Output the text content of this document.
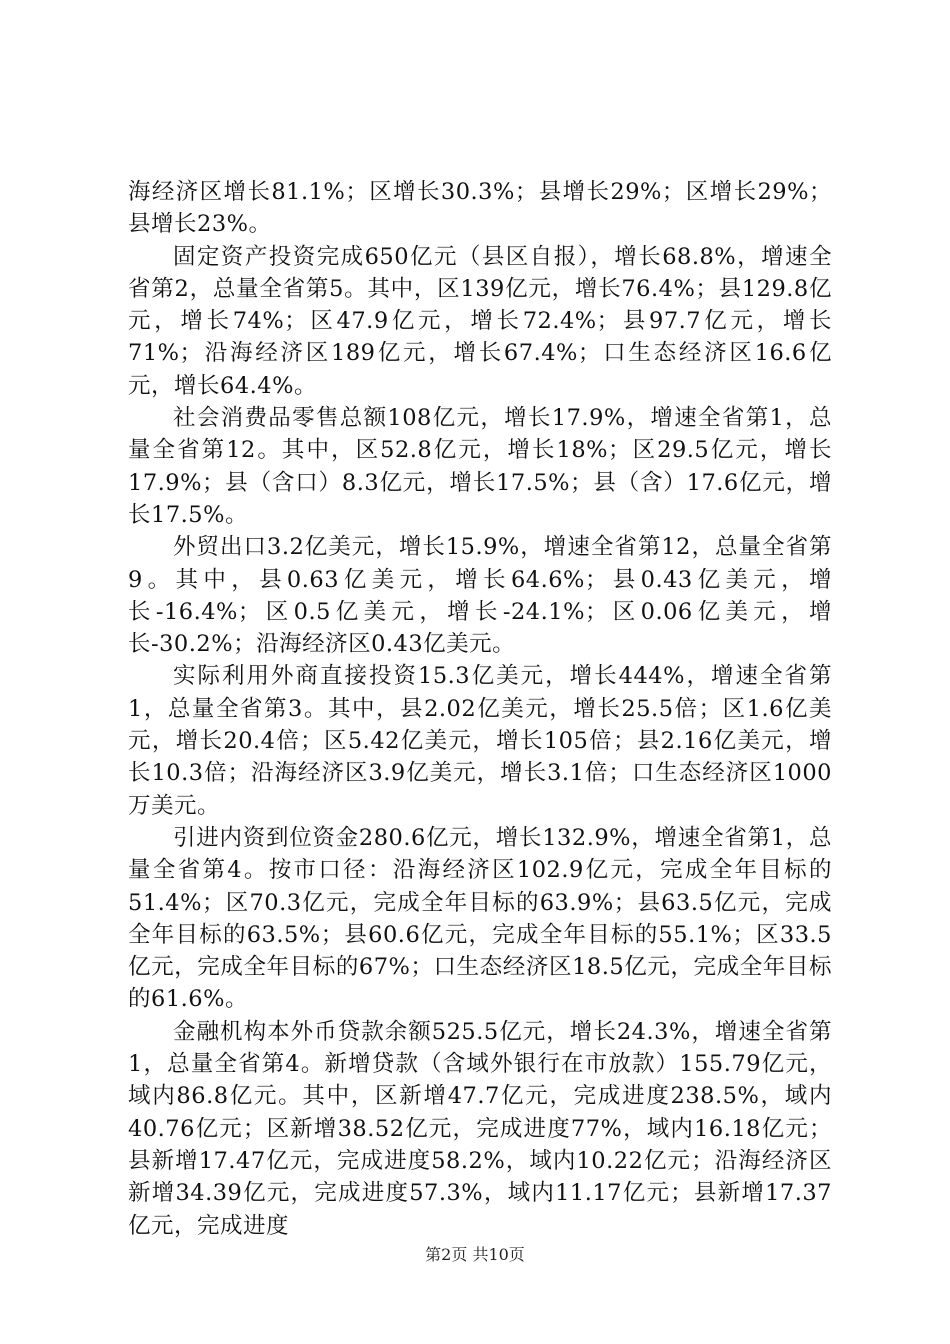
海经济区增长81.1%；区增长30.3%；县增长29%；区增长29%；县增长23%。

固定资产投资完成650亿元（县区自报），增长68.8%，增速全省第2，总量全省第5。其中，区139亿元，增长76.4%；县129.8亿元，增长74%；区47.9亿元，增长72.4%；县97.7亿元，增长71%；沿海经济区189亿元，增长67.4%；口生态经济区16.6亿元，增长64.4%。

社会消费品零售总额108亿元，增长17.9%，增速全省第1，总量全省第12。其中，区52.8亿元，增长18%；区29.5亿元，增长17.9%；县（含口）8.3亿元，增长17.5%；县（含）17.6亿元，增长17.5%。

外贸出口3.2亿美元，增长15.9%，增速全省第12，总量全省第9。其中，县0.63亿美元，增长64.6%；县0.43亿美元，增长-16.4%；区0.5亿美元，增长-24.1%；区0.06亿美元，增长-30.2%；沿海经济区0.43亿美元。

实际利用外商直接投资15.3亿美元，增长444%，增速全省第1，总量全省第3。其中，县2.02亿美元，增长25.5倍；区1.6亿美元，增长20.4倍；区5.42亿美元，增长105倍；县2.16亿美元，增长10.3倍；沿海经济区3.9亿美元，增长3.1倍；口生态经济区1000万美元。

引进内资到位资金280.6亿元，增长132.9%，增速全省第1，总量全省第4。按市口径：沿海经济区102.9亿元，完成全年目标的51.4%；区70.3亿元，完成全年目标的63.9%；县63.5亿元，完成全年目标的63.5%；县60.6亿元，完成全年目标的55.1%；区33.5亿元，完成全年目标的67%；口生态经济区18.5亿元，完成全年目标的61.6%。

金融机构本外币贷款余额525.5亿元，增长24.3%，增速全省第1，总量全省第4。新增贷款（含域外银行在市放款）155.79亿元，域内86.8亿元。其中，区新增47.7亿元，完成进度238.5%，域内40.76亿元；区新增38.52亿元，完成进度77%，域内16.18亿元；县新增17.47亿元，完成进度58.2%，域内10.22亿元；沿海经济区新增34.39亿元，完成进度57.3%，域内11.17亿元；县新增17.37亿元，完成进度

第2页 共10页
